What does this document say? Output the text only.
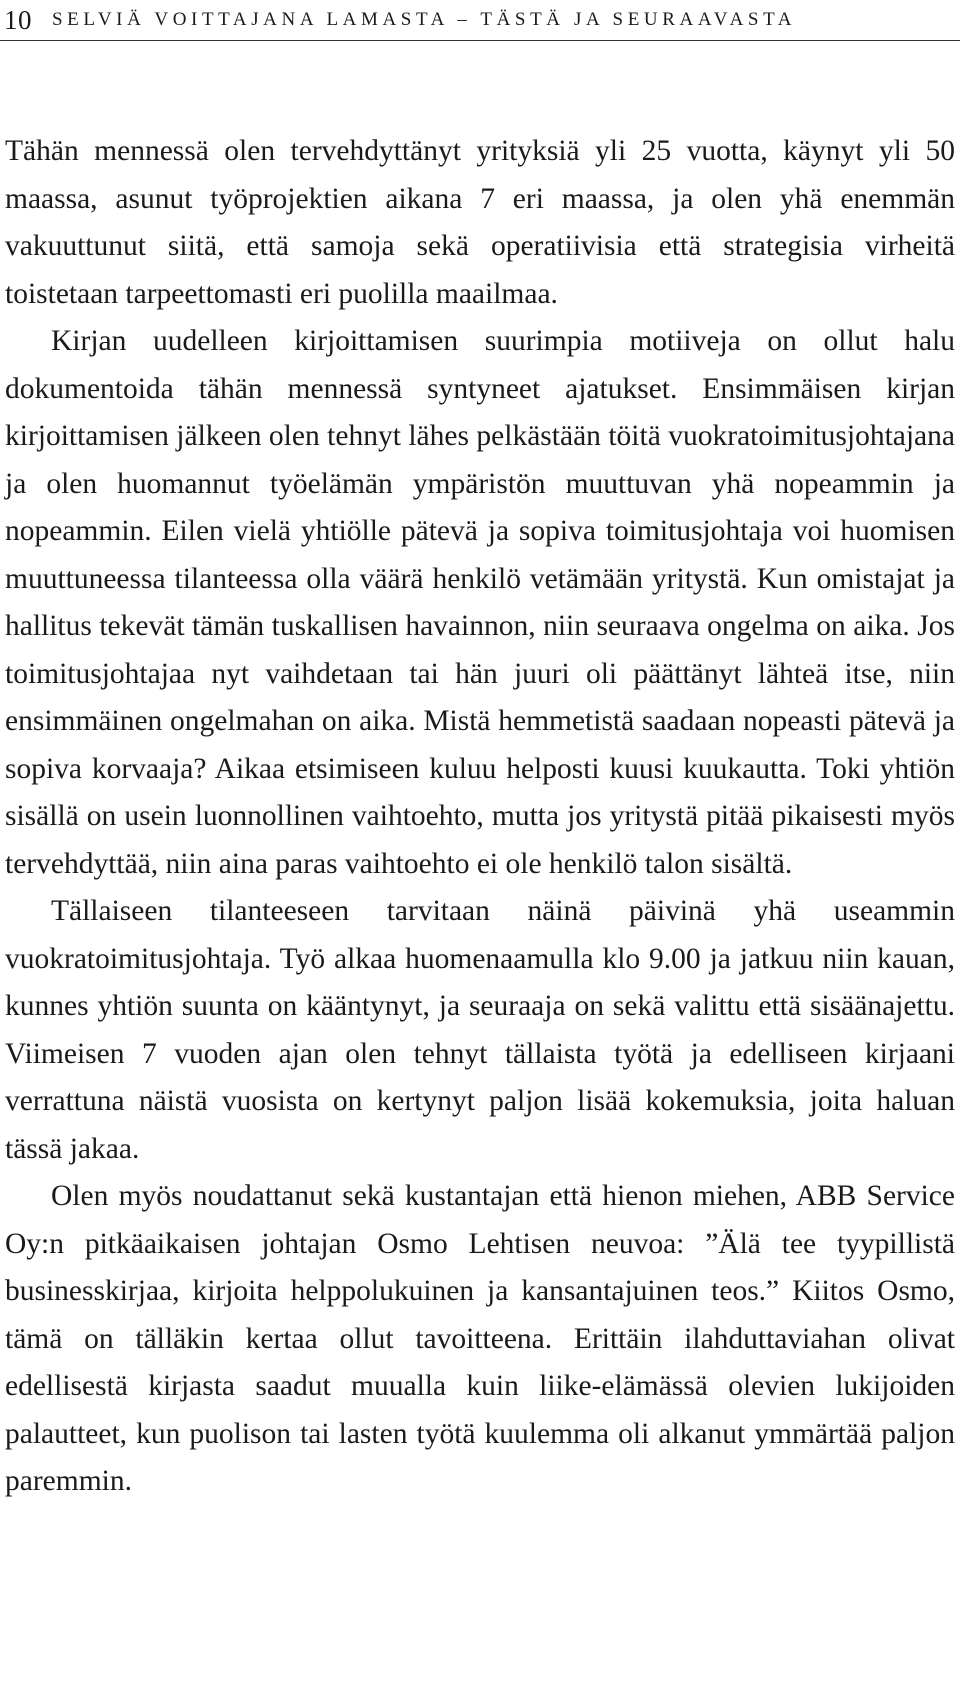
10 SELVIÄ VOITTAJANA LAMASTA – TÄSTÄ JA SEURAAVASTA

Tähän mennessä olen tervehdyttänyt yrityksiä yli 25 vuotta, käynyt yli 50 maassa, asunut työprojektien aikana 7 eri maassa, ja olen yhä enemmän vakuuttunut siitä, että samoja sekä operatiivisia että strategisia virheitä toistetaan tarpeettomasti eri puolilla maailmaa.

Kirjan uudelleen kirjoittamisen suurimpia motiiveja on ollut halu dokumentoida tähän mennessä syntyneet ajatukset. Ensimmäisen kirjan kirjoittamisen jälkeen olen tehnyt lähes pelkästään töitä vuokratoimitusjohtajana ja olen huomannut työelämän ympäristön muuttuvan yhä nopeammin ja nopeammin. Eilen vielä yhtiölle pätevä ja sopiva toimitusjohtaja voi huomisen muuttuneessa tilanteessa olla väärä henkilö vetämään yritystä. Kun omistajat ja hallitus tekevät tämän tuskallisen havainnon, niin seuraava ongelma on aika. Jos toimitusjohtajaa nyt vaihdetaan tai hän juuri oli päättänyt lähteä itse, niin ensimmäinen ongelmahan on aika. Mistä hemmetistä saadaan nopeasti pätevä ja sopiva korvaaja? Aikaa etsimiseen kuluu helposti kuusi kuukautta. Toki yhtiön sisällä on usein luonnollinen vaihtoehto, mutta jos yritystä pitää pikaisesti myös tervehdyttää, niin aina paras vaihtoehto ei ole henkilö talon sisältä.

Tällaiseen tilanteeseen tarvitaan näinä päivinä yhä useammin vuokratoimitusjohtaja. Työ alkaa huomenaamulla klo 9.00 ja jatkuu niin kauan, kunnes yhtiön suunta on kääntynyt, ja seuraaja on sekä valittu että sisäänajettu. Viimeisen 7 vuoden ajan olen tehnyt tällaista työtä ja edelliseen kirjaani verrattuna näistä vuosista on kertynyt paljon lisää kokemuksia, joita haluan tässä jakaa.

Olen myös noudattanut sekä kustantajan että hienon miehen, ABB Service Oy:n pitkäaikaisen johtajan Osmo Lehtisen neuvoa: ”Älä tee tyypillistä businesskirjaa, kirjoita helppolukuinen ja kansantajuinen teos.” Kiitos Osmo, tämä on tälläkin kertaa ollut tavoitteena. Erittäin ilahduttaviahan olivat edellisestä kirjasta saadut muualla kuin liike-elämässä olevien lukijoiden palautteet, kun puolison tai lasten työtä kuulemma oli alkanut ymmärtää paljon paremmin.
